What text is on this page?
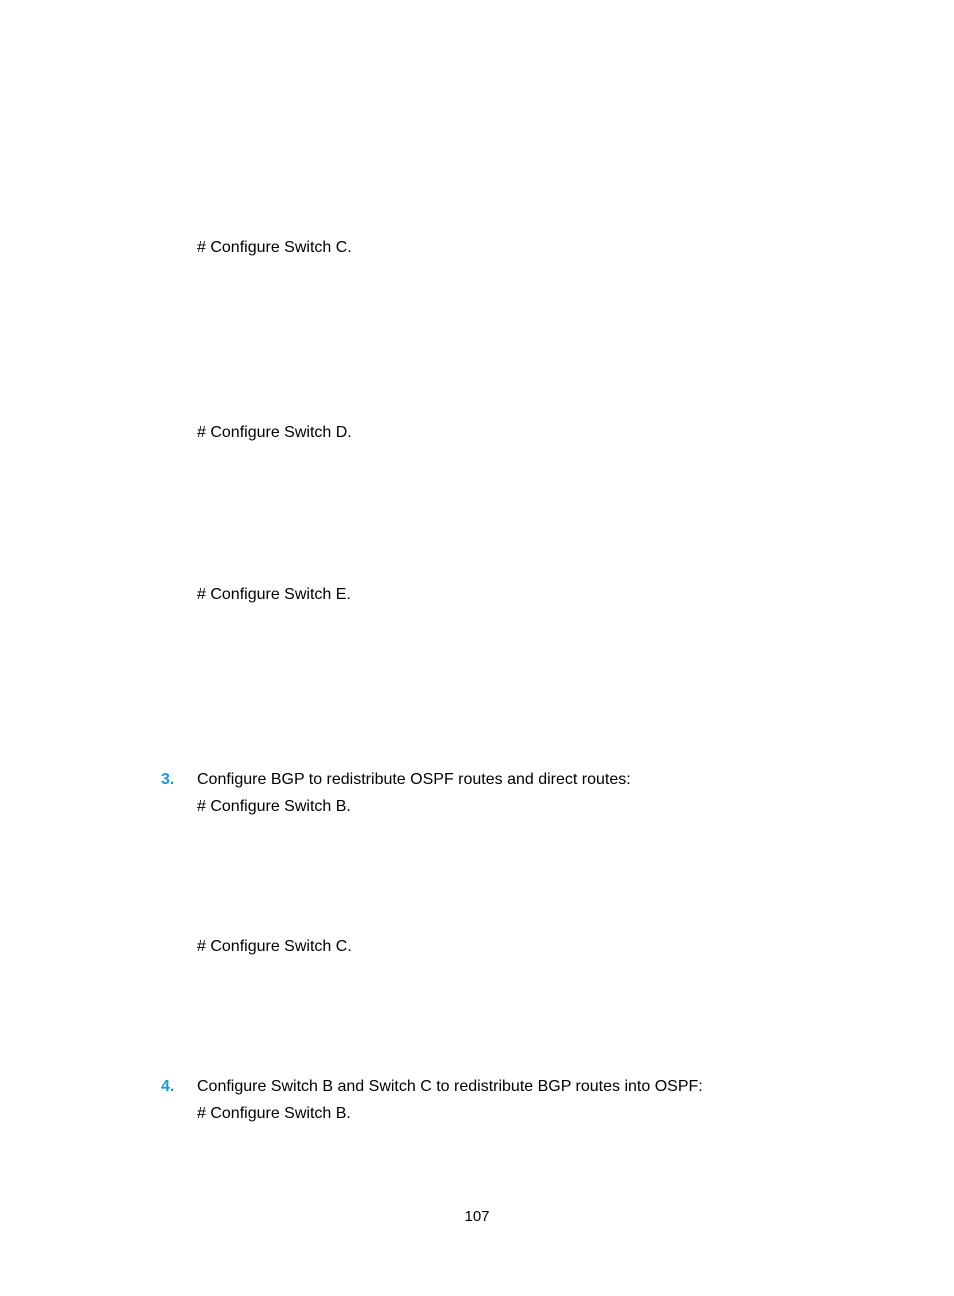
# Configure Switch C.
# Configure Switch D.
# Configure Switch E.
3. Configure BGP to redistribute OSPF routes and direct routes:
# Configure Switch B.
# Configure Switch C.
4. Configure Switch B and Switch C to redistribute BGP routes into OSPF:
# Configure Switch B.
107
